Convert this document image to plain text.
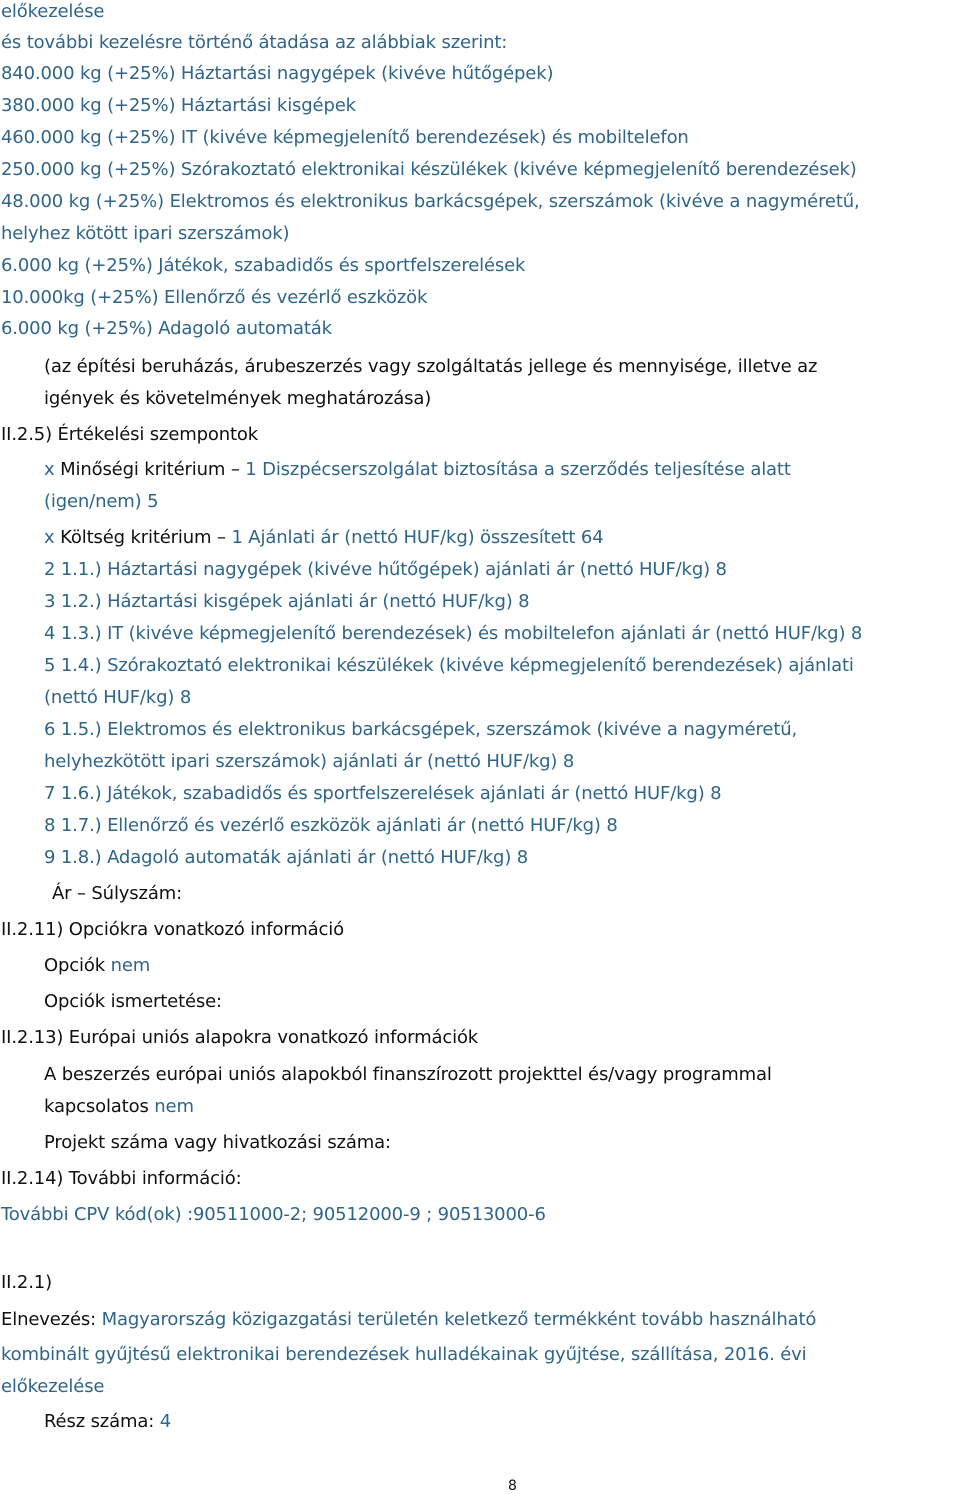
előkezelése
és további kezelésre történő átadása az alábbiak szerint:
840.000 kg (+25%) Háztartási nagygépek (kivéve hűtőgépek)
380.000 kg (+25%) Háztartási kisgépek
460.000 kg (+25%) IT (kivéve képmegjelenítő berendezések) és mobiltelefon
250.000 kg (+25%) Szórakoztató elektronikai készülékek (kivéve képmegjelenítő berendezések)
48.000 kg (+25%) Elektromos és elektronikus barkácsgépek, szerszámok (kivéve a nagyméretű,
helyhez kötött ipari szerszámok)
6.000 kg (+25%) Játékok, szabadidős és sportfelszerelések
10.000kg (+25%) Ellenőrző és vezérlő eszközök
6.000 kg (+25%) Adagoló automaták
(az építési beruházás, árubeszerzés vagy szolgáltatás jellege és mennyisége, illetve az
igények és követelmények meghatározása)
II.2.5) Értékelési szempontok
x Minőségi kritérium – 1 Diszpécserszolgálat biztosítása a szerződés teljesítése alatt
(igen/nem) 5
x Költség kritérium – 1 Ajánlati ár (nettó HUF/kg) összesített 64
2 1.1.) Háztartási nagygépek (kivéve hűtőgépek) ajánlati ár (nettó HUF/kg) 8
3 1.2.) Háztartási kisgépek ajánlati ár (nettó HUF/kg) 8
4 1.3.) IT (kivéve képmegjelenítő berendezések) és mobiltelefon ajánlati ár (nettó HUF/kg) 8
5 1.4.) Szórakoztató elektronikai készülékek (kivéve képmegjelenítő berendezések) ajánlati
(nettó HUF/kg) 8
6 1.5.) Elektromos és elektronikus barkácsgépek, szerszámok (kivéve a nagyméretű,
helyhezkötött ipari szerszámok) ajánlati ár (nettó HUF/kg) 8
7 1.6.) Játékok, szabadidős és sportfelszerelések ajánlati ár (nettó HUF/kg) 8
8 1.7.) Ellenőrző és vezérlő eszközök ajánlati ár (nettó HUF/kg) 8
9 1.8.) Adagoló automaták ajánlati ár (nettó HUF/kg) 8
Ár – Súlyszám:
II.2.11) Opciókra vonatkozó információ
Opciók nem
Opciók ismertetése:
II.2.13) Európai uniós alapokra vonatkozó információk
A beszerzés európai uniós alapokból finanszírozott projekttel és/vagy programmal
kapcsolatos nem
Projekt száma vagy hivatkozási száma:
II.2.14) További információ:
További CPV kód(ok) :90511000-2; 90512000-9 ; 90513000-6
II.2.1)
Elnevezés: Magyarország közigazgatási területén keletkező termékként tovább használható
kombinált gyűjtésű elektronikai berendezések hulladékainak gyűjtése, szállítása, 2016. évi
előkezelése
Rész száma: 4
8
